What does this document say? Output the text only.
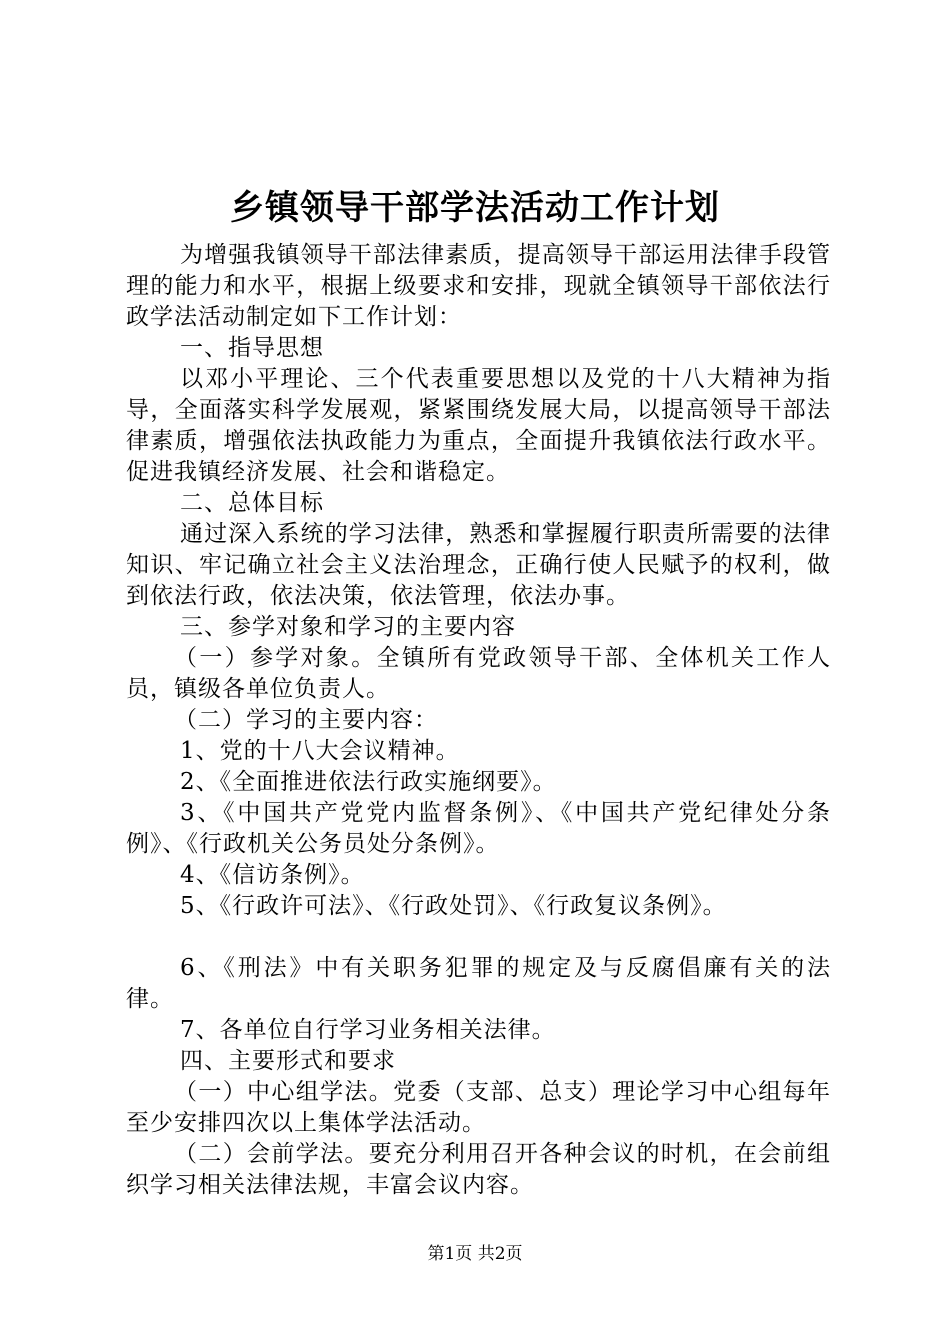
乡镇领导干部学法活动工作计划

为增强我镇领导干部法律素质，提高领导干部运用法律手段管理的能力和水平，根据上级要求和安排，现就全镇领导干部依法行政学法活动制定如下工作计划：

一、指导思想

以邓小平理论、三个代表重要思想以及党的十八大精神为指导，全面落实科学发展观，紧紧围绕发展大局，以提高领导干部法律素质，增强依法执政能力为重点，全面提升我镇依法行政水平。促进我镇经济发展、社会和谐稳定。

二、总体目标

通过深入系统的学习法律，熟悉和掌握履行职责所需要的法律知识、牢记确立社会主义法治理念，正确行使人民赋予的权利，做到依法行政，依法决策，依法管理，依法办事。

三、参学对象和学习的主要内容

（一）参学对象。全镇所有党政领导干部、全体机关工作人员，镇级各单位负责人。

（二）学习的主要内容：

1、党的十八大会议精神。

2、《全面推进依法行政实施纲要》。

3、《中国共产党党内监督条例》、《中国共产党纪律处分条例》、《行政机关公务员处分条例》。

4、《信访条例》。

5、《行政许可法》、《行政处罚》、《行政复议条例》。

6、《刑法》中有关职务犯罪的规定及与反腐倡廉有关的法律。

7、各单位自行学习业务相关法律。

四、主要形式和要求

（一）中心组学法。党委（支部、总支）理论学习中心组每年至少安排四次以上集体学法活动。

（二）会前学法。要充分利用召开各种会议的时机，在会前组织学习相关法律法规，丰富会议内容。

第1页 共2页
